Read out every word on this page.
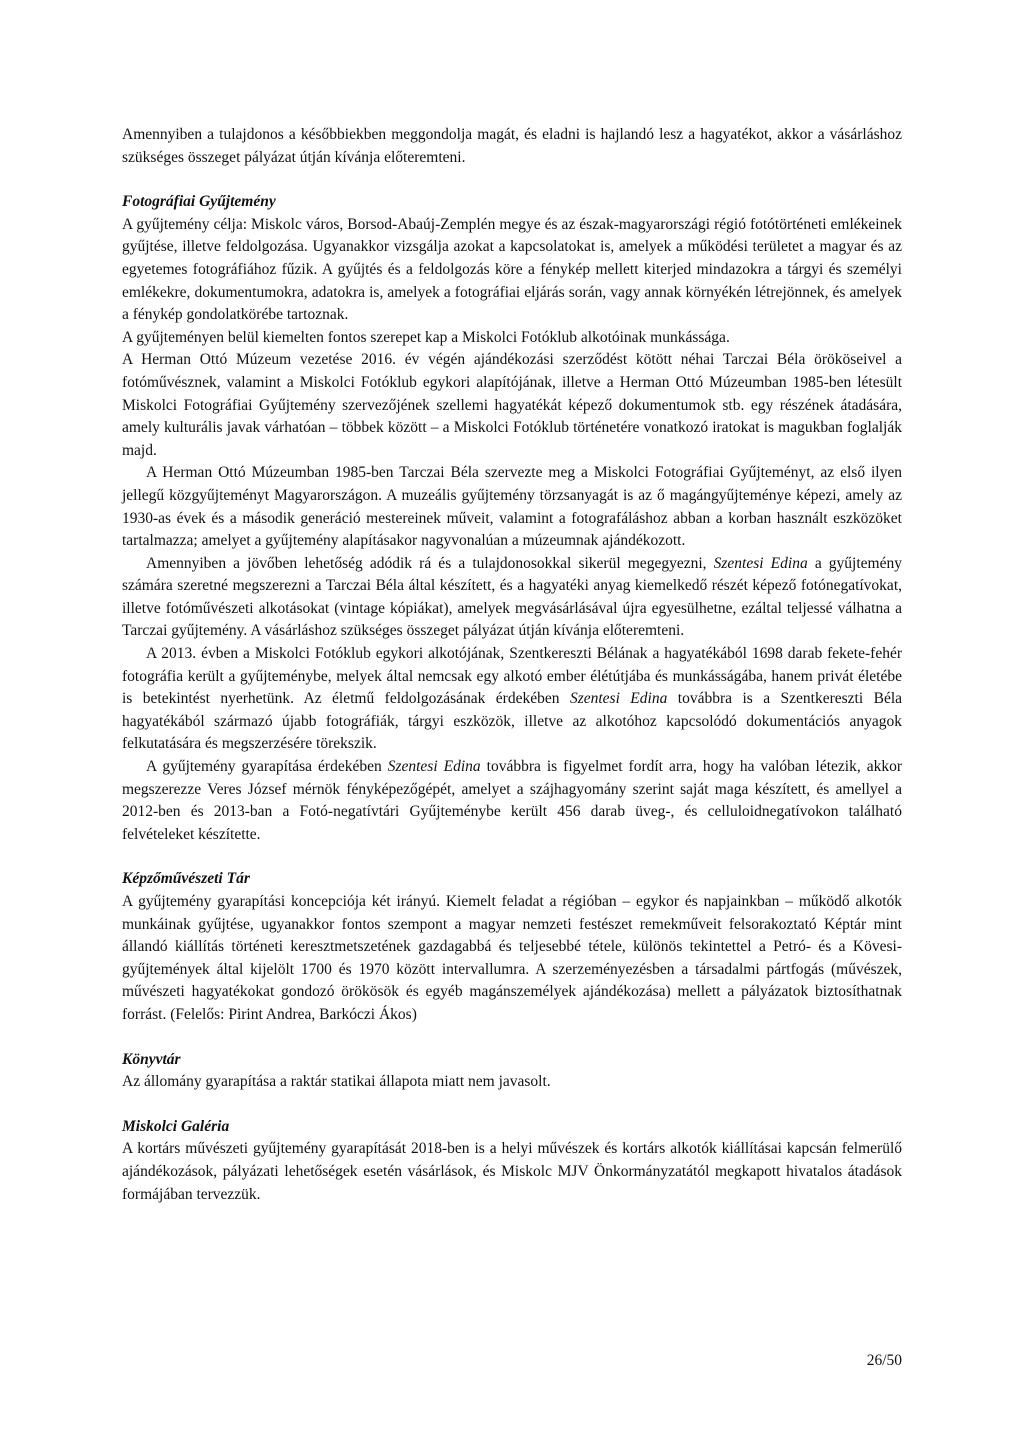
Amennyiben a tulajdonos a későbbiekben meggondolja magát, és eladni is hajlandó lesz a hagyatékot, akkor a vásárláshoz szükséges összeget pályázat útján kívánja előteremteni.

Fotográfiai Gyűjtemény

A gyűjtemény célja: Miskolc város, Borsod-Abaúj-Zemplén megye és az észak-magyarországi régió fotótörténeti emlékeinek gyűjtése, illetve feldolgozása. Ugyanakkor vizsgálja azokat a kapcsolatokat is, amelyek a működési területet a magyar és az egyetemes fotográfiához fűzik. A gyűjtés és a feldolgozás köre a fénykép mellett kiterjed mindazokra a tárgyi és személyi emlékekre, dokumentumokra, adatokra is, amelyek a fotográfiai eljárás során, vagy annak környékén létrejönnek, és amelyek a fénykép gondolatkörébe tartoznak.

A gyűjteményen belül kiemelten fontos szerepet kap a Miskolci Fotóklub alkotóinak munkássága.

A Herman Ottó Múzeum vezetése 2016. év végén ajándékozási szerződést kötött néhai Tarczai Béla örököseivel a fotóművésznek, valamint a Miskolci Fotóklub egykori alapítójának, illetve a Herman Ottó Múzeumban 1985-ben létesült Miskolci Fotográfiai Gyűjtemény szervezőjének szellemi hagyatékát képező dokumentumok stb. egy részének átadására, amely kulturális javak várhatóan – többek között – a Miskolci Fotóklub történetére vonatkozó iratokat is magukban foglalják majd.

A Herman Ottó Múzeumban 1985-ben Tarczai Béla szervezte meg a Miskolci Fotográfiai Gyűjteményt, az első ilyen jellegű közgyűjteményt Magyarországon. A muzeális gyűjtemény törzsanyagát is az ő magángyűjteménye képezi, amely az 1930-as évek és a második generáció mestereinek műveit, valamint a fotografáláshoz abban a korban használt eszközöket tartalmazza; amelyet a gyűjtemény alapításakor nagyvonalúan a múzeumnak ajándékozott.

Amennyiben a jövőben lehetőség adódik rá és a tulajdonosokkal sikerül megegyezni, Szentesi Edina a gyűjtemény számára szeretné megszerezni a Tarczai Béla által készített, és a hagyatéki anyag kiemelkedő részét képező fotónegatívokat, illetve fotóművészeti alkotásokat (vintage kópiákat), amelyek megvásárlásával újra egyesülhetne, ezáltal teljessé válhatna a Tarczai gyűjtemény. A vásárláshoz szükséges összeget pályázat útján kívánja előteremteni.

A 2013. évben a Miskolci Fotóklub egykori alkotójának, Szentkereszti Bélának a hagyatékából 1698 darab fekete-fehér fotográfia került a gyűjteménybe, melyek által nemcsak egy alkotó ember élétútjába és munkásságába, hanem privát életébe is betekintést nyerhetünk. Az életmű feldolgozásának érdekében Szentesi Edina továbbra is a Szentkereszti Béla hagyatékából származó újabb fotográfiák, tárgyi eszközök, illetve az alkotóhoz kapcsolódó dokumentációs anyagok felkutatására és megszerzésére törekszik.

A gyűjtemény gyarapítása érdekében Szentesi Edina továbbra is figyelmet fordít arra, hogy ha valóban létezik, akkor megszerezze Veres József mérnök fényképezőgépét, amelyet a szájhagyomány szerint saját maga készített, és amellyel a 2012-ben és 2013-ban a Fotó-negatívtári Gyűjteménybe került 456 darab üveg-, és celluloidnegatívokon található felvételeket készítette.

Képzőművészeti Tár

A gyűjtemény gyarapítási koncepciója két irányú. Kiemelt feladat a régióban – egykor és napjainkban – működő alkotók munkáinak gyűjtése, ugyanakkor fontos szempont a magyar nemzeti festészet remekműveit felsorakoztató Képtár mint állandó kiállítás történeti keresztmetszetének gazdagabbá és teljesebbé tétele, különös tekintettel a Petró- és a Kövesi-gyűjtemények által kijelölt 1700 és 1970 között intervallumra. A szerzeményezésben a társadalmi pártfogás (művészek, művészeti hagyatékokat gondozó örökösök és egyéb magánszemélyek ajándékozása) mellett a pályázatok biztosíthatnak forrást. (Felelős: Pirint Andrea, Barkóczi Ákos)

Könyvtár

Az állomány gyarapítása a raktár statikai állapota miatt nem javasolt.

Miskolci Galéria

A kortárs művészeti gyűjtemény gyarapítását 2018-ben is a helyi művészek és kortárs alkotók kiállításai kapcsán felmerülő ajándékozások, pályázati lehetőségek esetén vásárlások, és Miskolc MJV Önkormányzatától megkapott hivatalos átadások formájában tervezzük.

26/50
